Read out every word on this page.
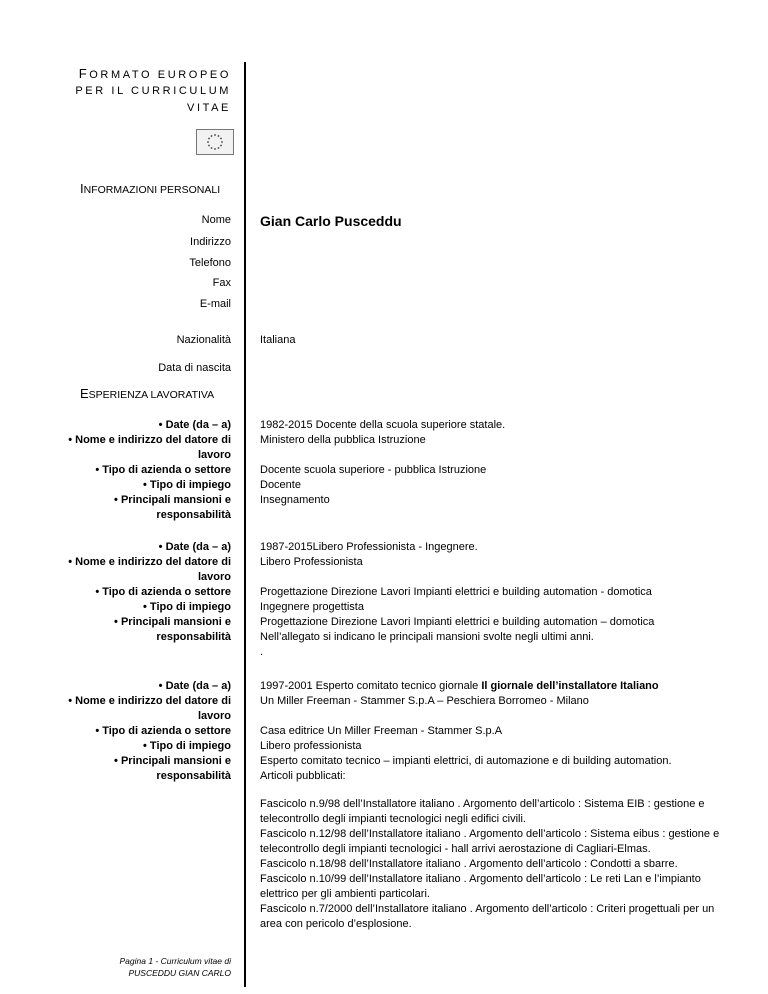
FORMATO EUROPEO
PER IL CURRICULUM
VITAE
INFORMAZIONI PERSONALI
Nome Gian Carlo Pusceddu
Indirizzo
Telefono
Fax
E-mail
Nazionalità	Italiana
Data di nascita
ESPERIENZA LAVORATIVA
• Date (da – a)
• Nome e indirizzo del datore di
lavoro
• Tipo di azienda o settore
• Tipo di impiego
• Principali mansioni e
responsabilità
1982-2015 Docente della scuola superiore statale.
Ministero della pubblica Istruzione
Docente scuola superiore - pubblica Istruzione
Docente
Insegnamento
• Date (da – a)
• Nome e indirizzo del datore di
lavoro
• Tipo di azienda o settore
• Tipo di impiego
• Principali mansioni e
responsabilità
1987-2015Libero Professionista - Ingegnere.
Libero Professionista
Progettazione Direzione Lavori Impianti elettrici e building automation - domotica
Ingegnere progettista
Progettazione Direzione Lavori Impianti elettrici e building automation – domotica
Nell’allegato si indicano le principali mansioni svolte negli ultimi anni.
.
• Date (da – a)
• Nome e indirizzo del datore di
lavoro
• Tipo di azienda o settore
• Tipo di impiego
• Principali mansioni e
responsabilità
1997-2001 Esperto comitato tecnico giornale Il giornale dell’installatore Italiano
Un Miller Freeman - Stammer S.p.A – Peschiera Borromeo - Milano
Casa editrice Un Miller Freeman - Stammer S.p.A
Libero professionista
Esperto comitato tecnico – impianti elettrici, di automazione e di building automation.
Articoli pubblicati:
Fascicolo n.9/98 dell’Installatore italiano . Argomento dell’articolo : Sistema EIB : gestione e telecontrollo degli impianti tecnologici negli edifici civili.
Fascicolo n.12/98 dell’Installatore italiano . Argomento dell’articolo : Sistema eibus : gestione e telecontrollo degli impianti tecnologici - hall arrivi aerostazione di Cagliari-Elmas.
Fascicolo n.18/98 dell’Installatore italiano . Argomento dell’articolo : Condotti a sbarre.
Fascicolo n.10/99 dell’Installatore italiano . Argomento dell’articolo : Le reti Lan e l’impianto elettrico per gli ambienti particolari.
Fascicolo n.7/2000 dell’Installatore italiano . Argomento dell’articolo : Criteri progettuali per un area con pericolo d’esplosione.
Pagina 1 - Curriculum vitae di
PUSCEDDU GIAN CARLO
